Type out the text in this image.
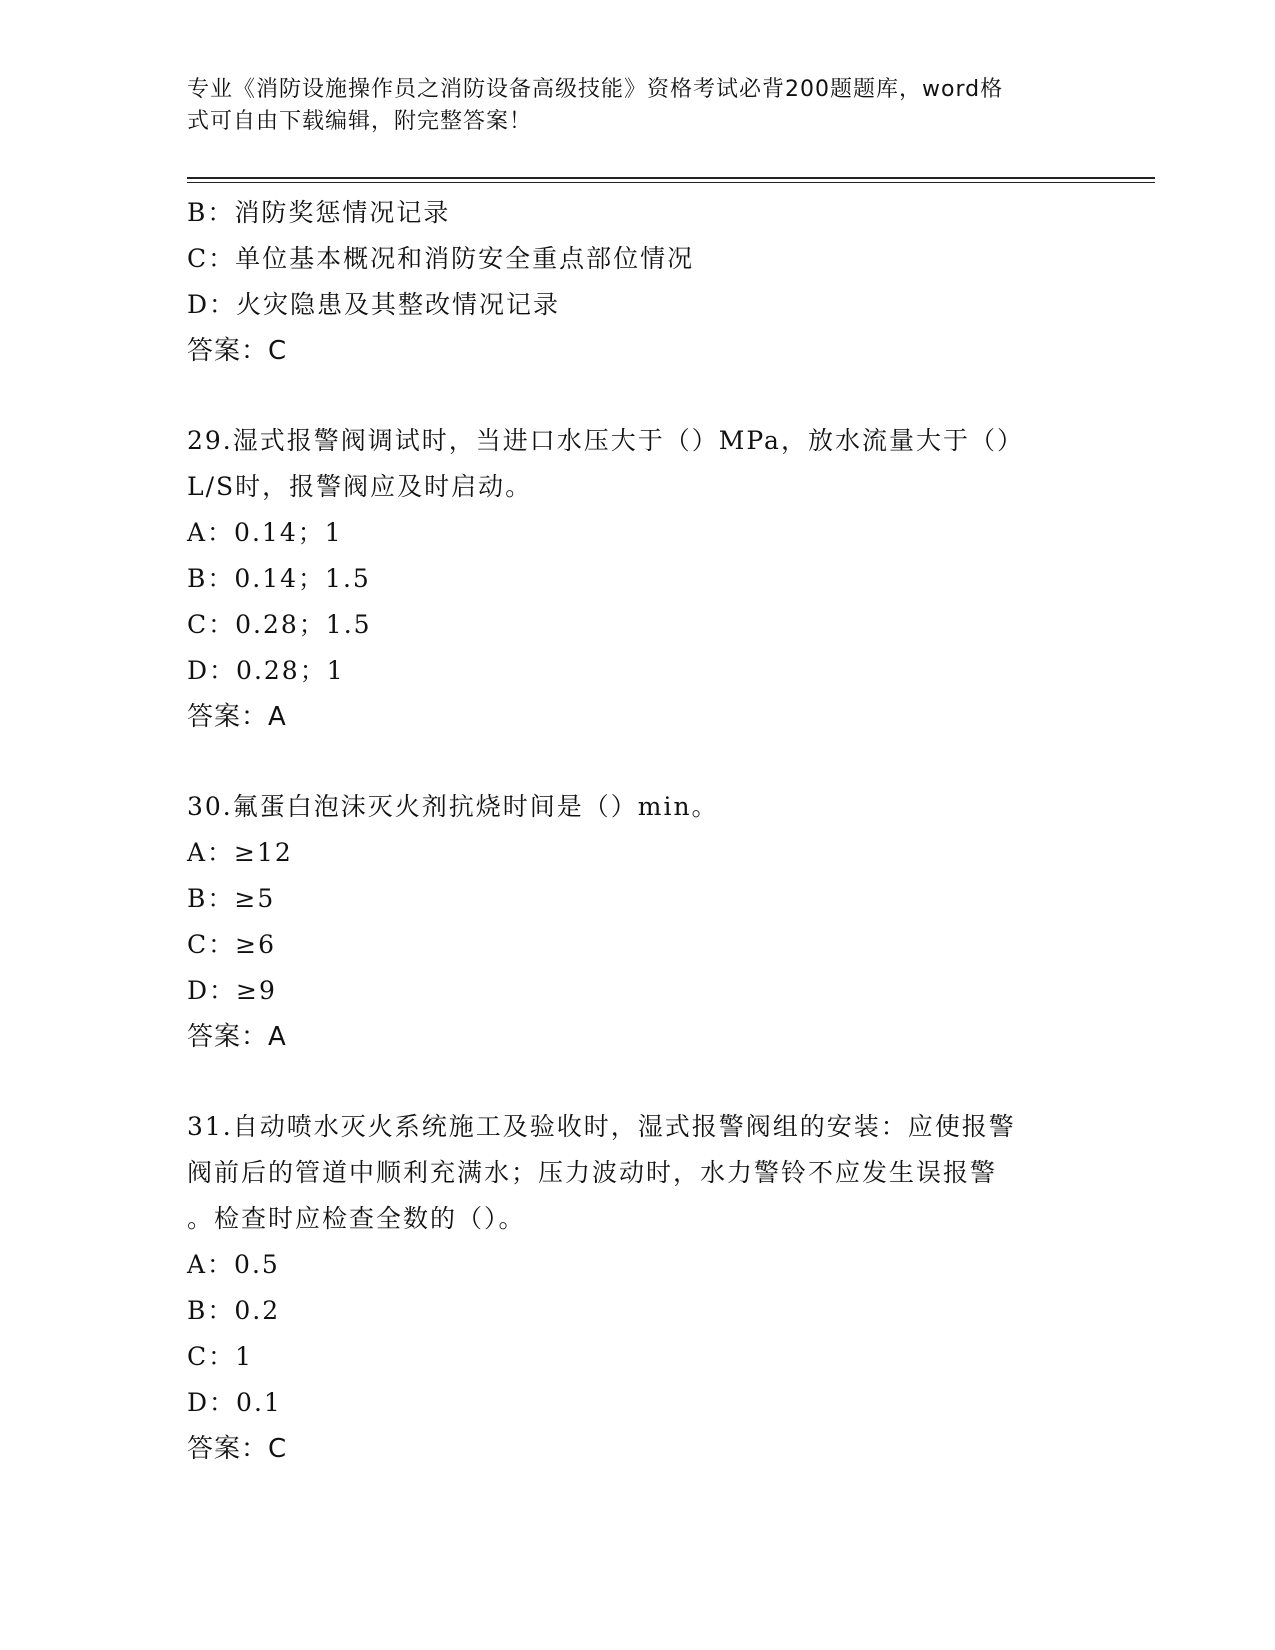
专业《消防设施操作员之消防设备高级技能》资格考试必背200题题库，word格
式可自由下载编辑，附完整答案！
B：消防奖惩情况记录
C：单位基本概况和消防安全重点部位情况
D：火灾隐患及其整改情况记录
答案：C
29.湿式报警阀调试时，当进口水压大于（）MPa，放水流量大于（）
L/S时，报警阀应及时启动。
A：0.14；1
B：0.14；1.5
C：0.28；1.5
D：0.28；1
答案：A
30.氟蛋白泡沫灭火剂抗烧时间是（）min。
A：≥12
B：≥5
C：≥6
D：≥9
答案：A
31.自动喷水灭火系统施工及验收时，湿式报警阀组的安装：应使报警
阀前后的管道中顺利充满水；压力波动时，水力警铃不应发生误报警
。检查时应检查全数的（）。
A：0.5
B：0.2
C：1
D：0.1
答案：C
